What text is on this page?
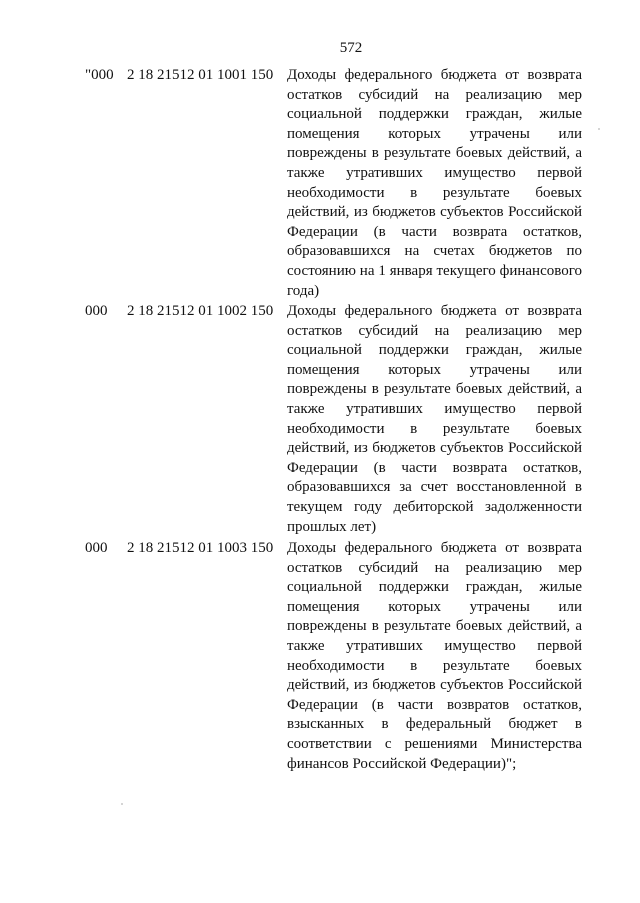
572
"000 2 18 21512 01 1001 150 Доходы федерального бюджета от возврата остатков субсидий на реализацию мер социальной поддержки граждан, жилые помещения которых утрачены или повреждены в результате боевых действий, а также утративших имущество первой необходимости в результате боевых действий, из бюджетов субъектов Российской Федерации (в части возврата остатков, образовавшихся на счетах бюджетов по состоянию на 1 января текущего финансового года)
000 2 18 21512 01 1002 150 Доходы федерального бюджета от возврата остатков субсидий на реализацию мер социальной поддержки граждан, жилые помещения которых утрачены или повреждены в результате боевых действий, а также утративших имущество первой необходимости в результате боевых действий, из бюджетов субъектов Российской Федерации (в части возврата остатков, образовавшихся за счет восстановленной в текущем году дебиторской задолженности прошлых лет)
000 2 18 21512 01 1003 150 Доходы федерального бюджета от возврата остатков субсидий на реализацию мер социальной поддержки граждан, жилые помещения которых утрачены или повреждены в результате боевых действий, а также утративших имущество первой необходимости в результате боевых действий, из бюджетов субъектов Российской Федерации (в части возвратов остатков, взысканных в федеральный бюджет в соответствии с решениями Министерства финансов Российской Федерации)";
